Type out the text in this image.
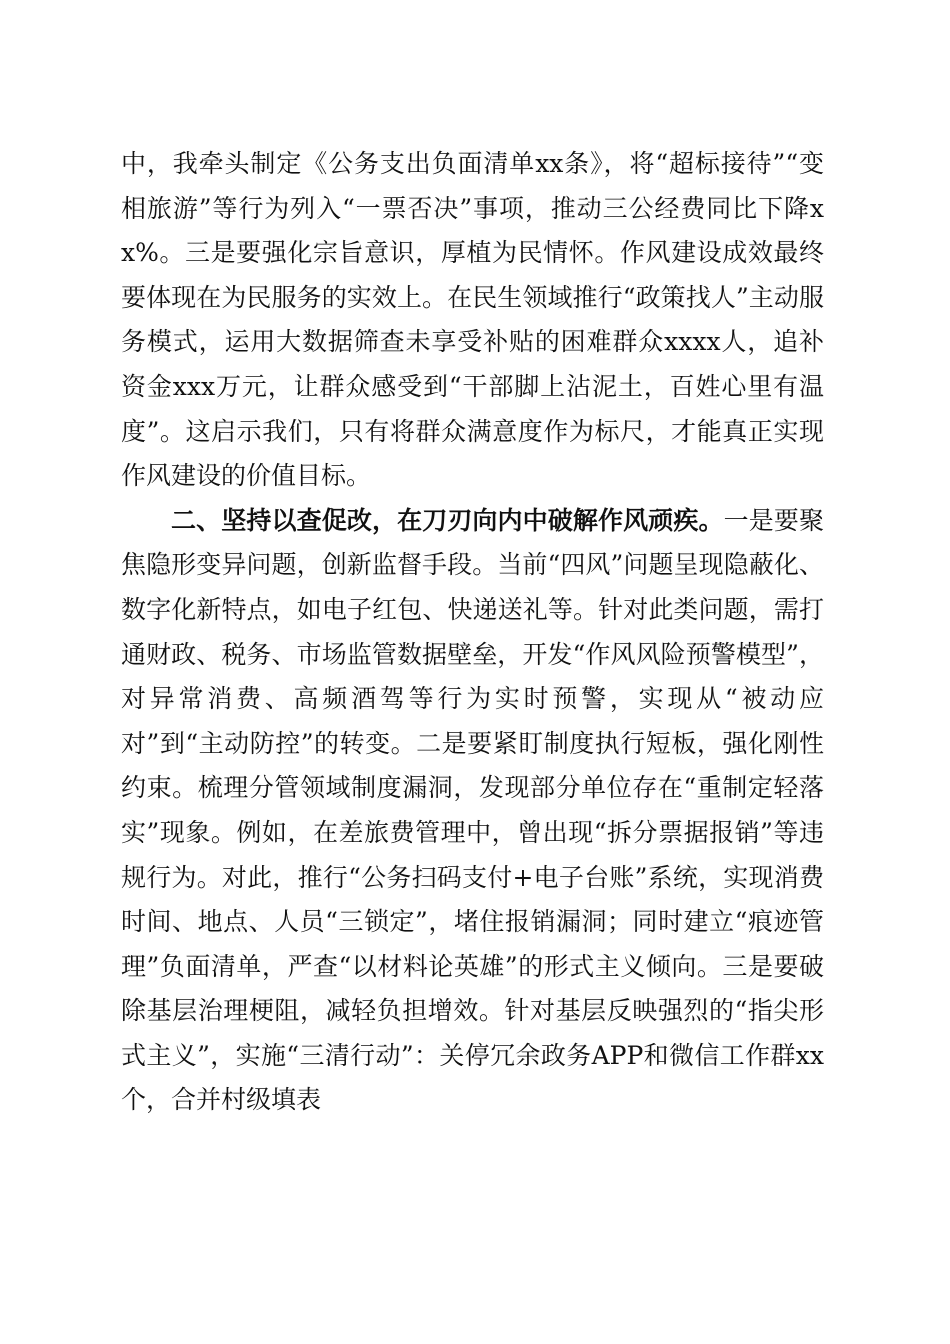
中，我牵头制定《公务支出负面清单xx条》，将“超标接待”“变相旅游”等行为列入“一票否决”事项，推动三公经费同比下降xx%。三是要强化宗旨意识，厚植为民情怀。作风建设成效最终要体现在为民服务的实效上。在民生领域推行“政策找人”主动服务模式，运用大数据筛查未享受补贴的困难群众xxxx人，追补资金xxx万元，让群众感受到“干部脚上沾泥土，百姓心里有温度”。这启示我们，只有将群众满意度作为标尺，才能真正实现作风建设的价值目标。

二、坚持以查促改，在刀刃向内中破解作风顽疾。一是要聚焦隐形变异问题，创新监督手段。当前“四风”问题呈现隐蔽化、数字化新特点，如电子红包、快递送礼等。针对此类问题，需打通财政、税务、市场监管数据壁垒，开发“作风风险预警模型”，对异常消费、高频酒驾等行为实时预警，实现从“被动应对”到“主动防控”的转变。二是要紧盯制度执行短板，强化刚性约束。梳理分管领域制度漏洞，发现部分单位存在“重制定轻落实”现象。例如，在差旅费管理中，曾出现“拆分票据报销”等违规行为。对此，推行“公务扫码支付+电子台账”系统，实现消费时间、地点、人员“三锁定”，堵住报销漏洞；同时建立“痕迹管理”负面清单，严查“以材料论英雄”的形式主义倾向。三是要破除基层治理梗阻，减轻负担增效。针对基层反映强烈的“指尖形式主义”，实施“三清行动”：关停冗余政务APP和微信工作群xx个，合并村级填表
